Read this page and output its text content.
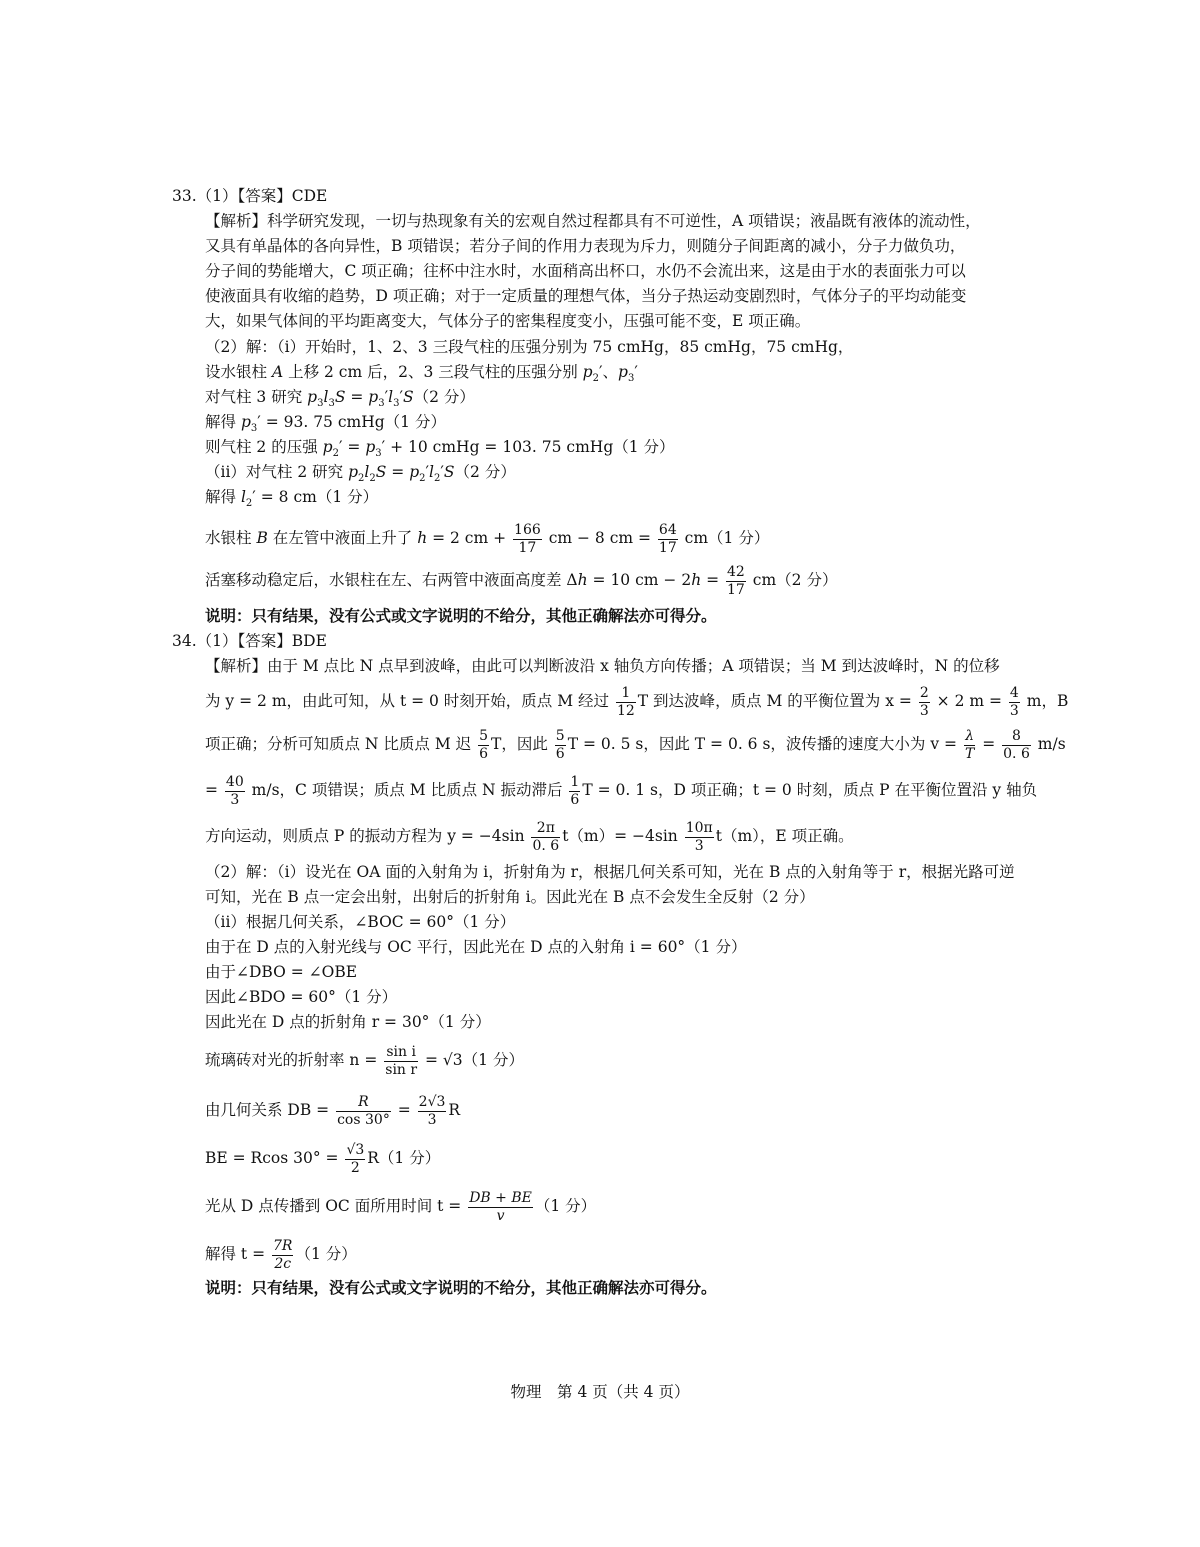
33.（1）【答案】CDE
【解析】科学研究发现，一切与热现象有关的宏观自然过程都具有不可逆性，A 项错误；液晶既有液体的流动性，
又具有单晶体的各向异性，B 项错误；若分子间的作用力表现为斥力，则随分子间距离的减小，分子力做负功，
分子间的势能增大，C 项正确；往杯中注水时，水面稍高出杯口，水仍不会流出来，这是由于水的表面张力可以
使液面具有收缩的趋势，D 项正确；对于一定质量的理想气体，当分子热运动变剧烈时，气体分子的平均动能变
大，如果气体间的平均距离变大，气体分子的密集程度变小，压强可能不变，E 项正确。
（2）解：（i）开始时，1、2、3 三段气柱的压强分别为 75 cmHg，85 cmHg，75 cmHg，
设水银柱 A 上移 2 cm 后，2、3 三段气柱的压强分别 $p_2'$、$p_3'$
对气柱 3 研究 $p_3l_3S = p_3'l_3'S(2$ 分）
解得 $p_3' = 93$. 75 cmHg（1 分）
则气柱 2 的压强 $p_2' = p_3' + 10$ cmHg = 103. 75 cmHg（1 分）
（ii）对气柱 2 研究 $p_2l_2S = p_2'l_2'S(2$ 分）
解得 $l_2' = 8$ cm（1 分）
水银柱 B 在左管中液面上升了 h = 2 cm + $\frac{166}{17}$ cm − 8 cm = $\frac{64}{17} cm(1$ 分）
活塞移动稳定后，水银柱在左、右两管中液面高度差 Δh = 10 cm − $2h = \frac{42}{17} cm(2$ 分）
说明：只有结果，没有公式或文字说明的不给分，其他正确解法亦可得分。
34.（1）【答案】BDE
【解析】由于 M 点比 N 点早到波峰，由此可以判断波沿 x 轴负方向传播；A 项错误；当 M 到达波峰时，N 的位移
为 y = 2 m，由此可知，从 t = 0 时刻开始，质点 M 经过 $\frac{1}{12}$ T 到达波峰，质点 M 的平衡位置为 $x = \frac{2}{3} \times 2$ $m = \frac{4}{3}$ m，B
项正确；分析可知质点 N 比质点 M 迟 $\frac{5}{6}$ T，因此 $\frac{5}{6}$ T = 0. 5 s，因此 T = 0. 6 s，波传播的速度大小为 $v = \frac{\lambda}{T} = \frac{8}{0. 6} m/s$
= $\frac{40}{3} m/s$，C 项错误；质点 M 比质点 N 振动滞后 $\frac{1}{6}$ T = 0. 1 s，D 项正确；t = 0 时刻，质点 P 在平衡位置沿 y 轴负
方向运动，则质点 P 的振动方程为 $y = -4\sin \frac{2\pi}{0. 6} t(m)= -4\sin \frac{10\pi}{3} t(m)$，E 项正确。
（2）解：（i）设光在 OA 面的入射角为 i，折射角为 r，根据几何关系可知，光在 B 点的入射角等于 r，根据光路可逆
可知，光在 B 点一定会出射，出射后的折射角 i。因此光在 B 点不会发生全反射（2 分）
（ii）根据几何关系，∠BOC = 60°（1 分）
由于在 D 点的入射光线与 OC 平行，因此光在 D 点的入射角 i = 60°（1 分）
由于∠DBO = ∠OBE
因此∠BDO = 60°（1 分）
因此光在 D 点的折射角 r = 30°（1 分）
琉璃砖对光的折射率 $n = \frac{\text{sin i}}{\text{sin r}} = √3(1$ 分）
由几何关系 DB = $\frac{R}{\cos 30^\circ} = \frac{2√3}{3}$ R
BE = Rcos $30^\circ = \frac{√3}{2} R(1$ 分）
光从 D 点传播到 OC 面所用时间 $t = \frac{DB + BE}{v} (1$ 分）
解得 $t = \frac{7R}{2c} (1$ 分）
说明：只有结果，没有公式或文字说明的不给分，其他正确解法亦可得分。
物理　第 4 页（共 4 页）
